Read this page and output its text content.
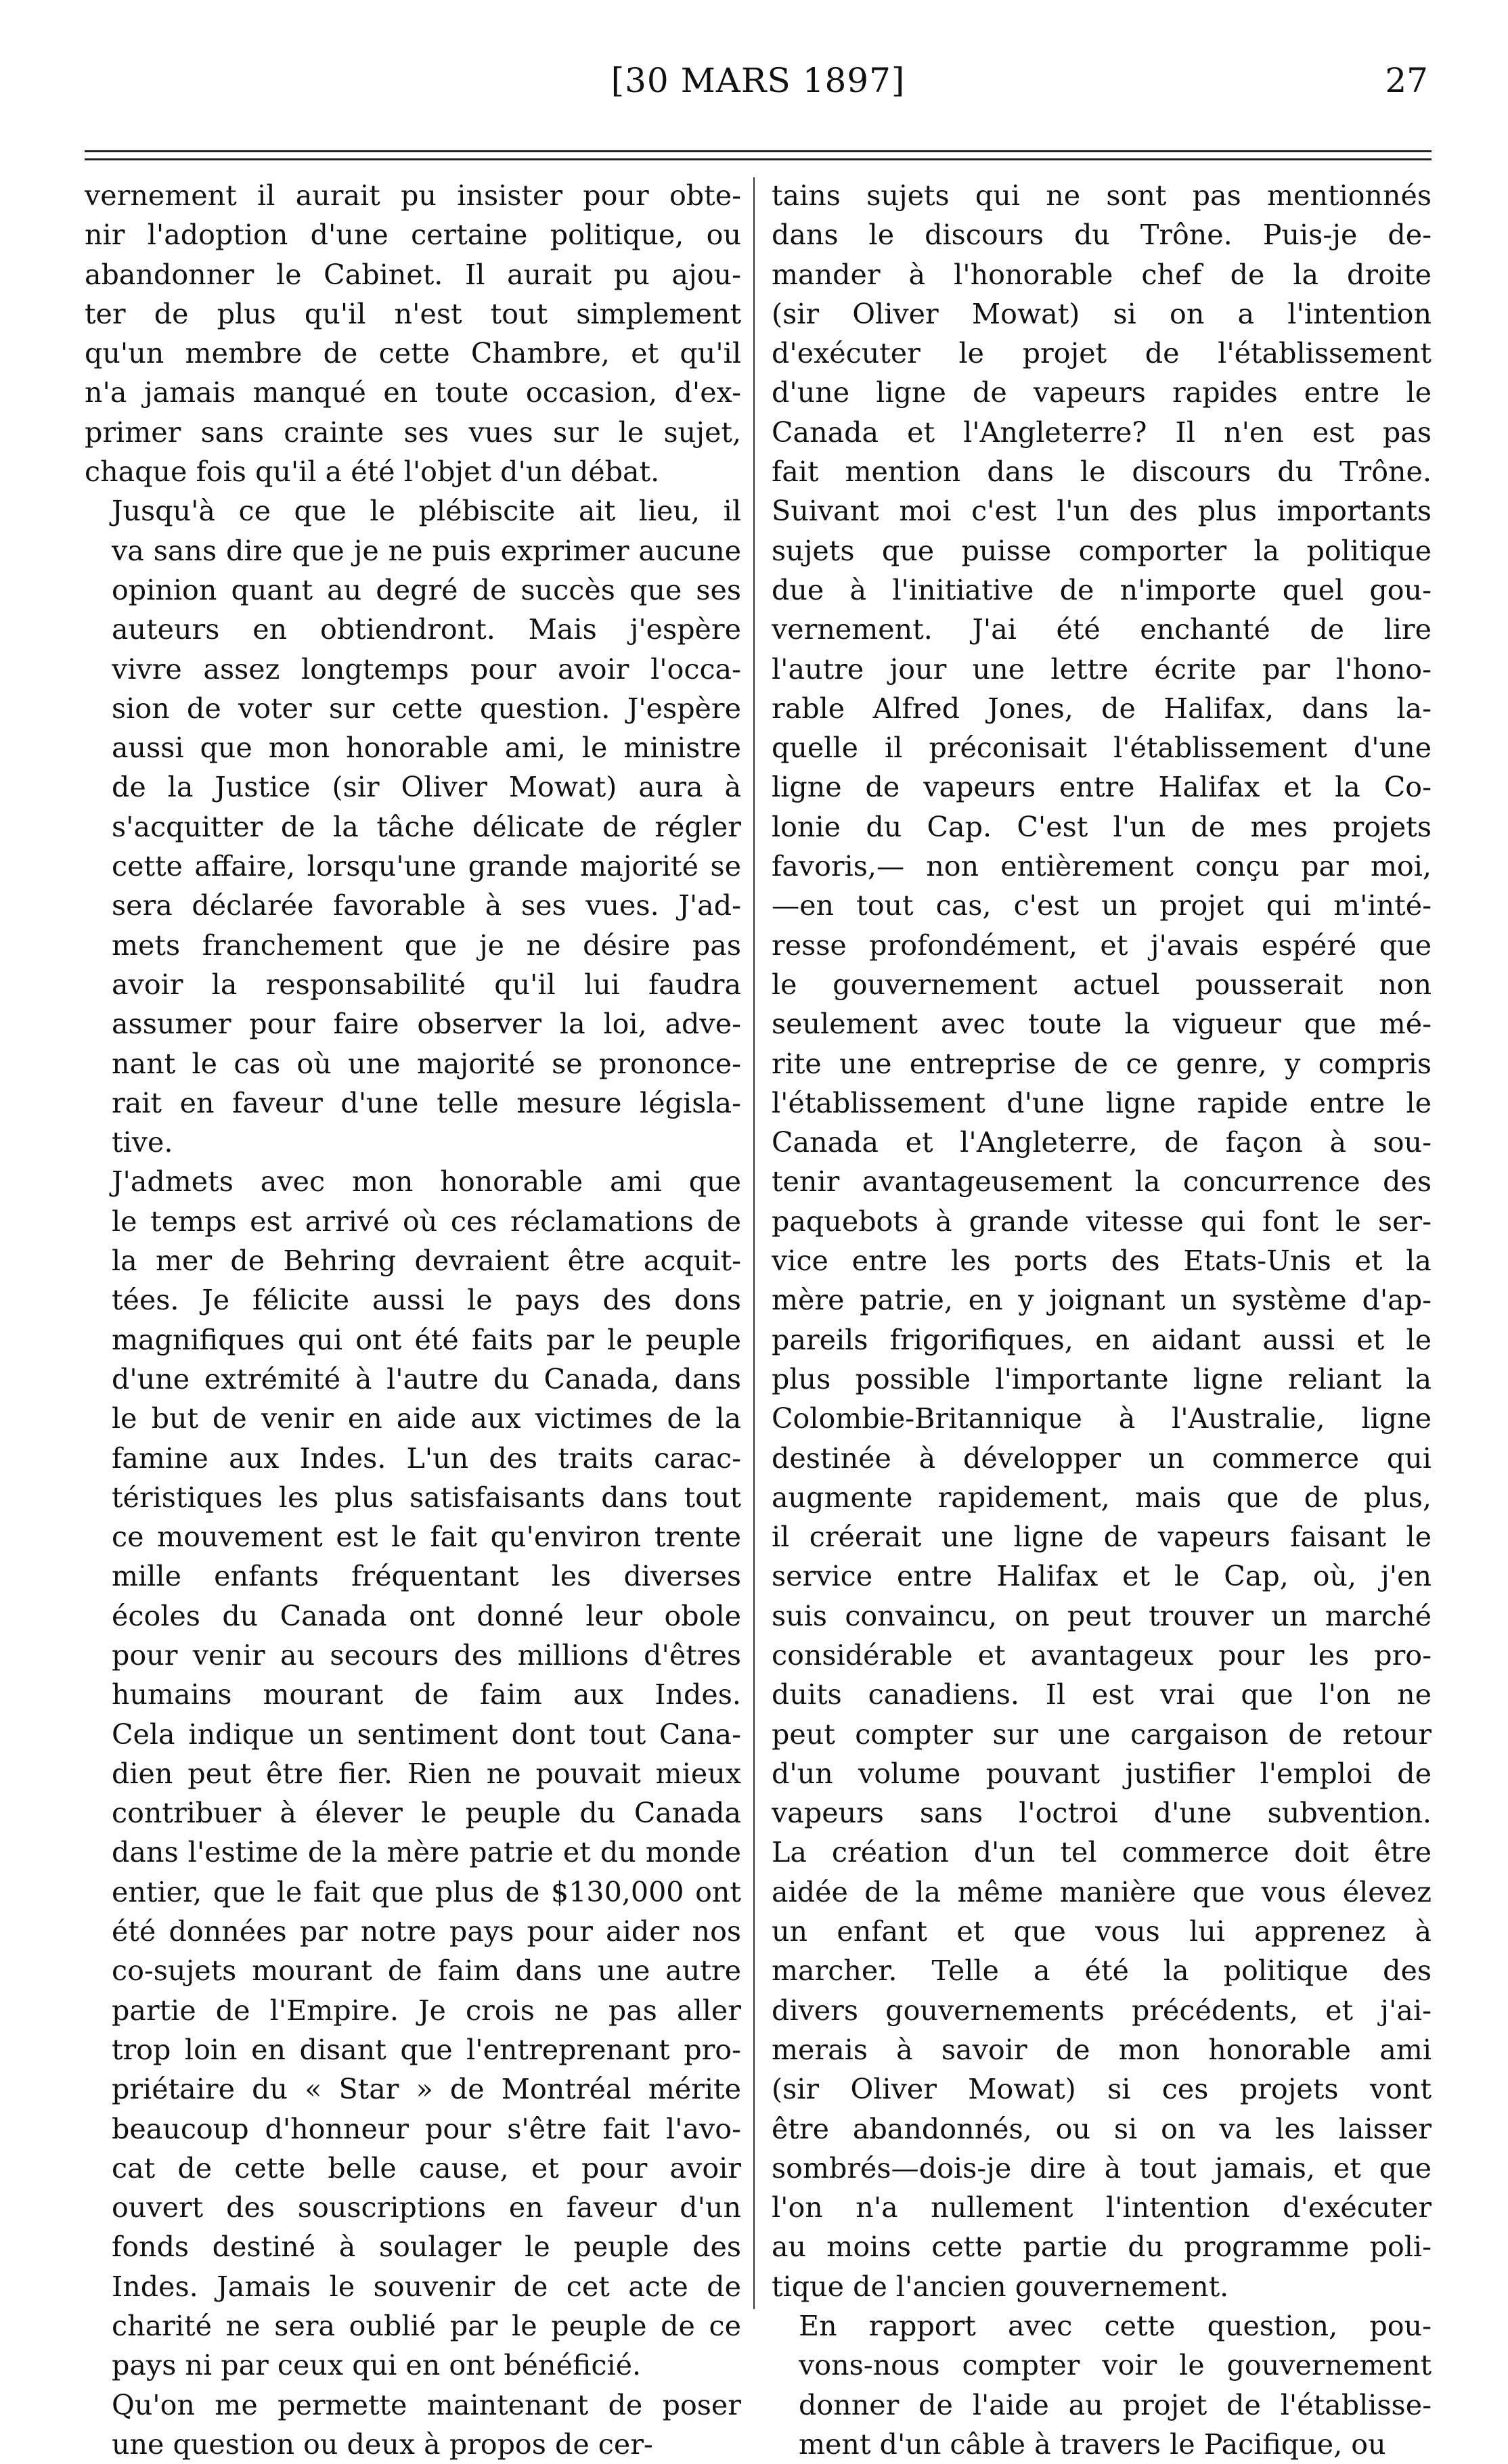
[30 MARS 1897]	27

vernement il aurait pu insister pour obte-
nir l'adoption d'une certaine politique, ou
abandonner le Cabinet. Il aurait pu ajou-
ter de plus qu'il n'est tout simplement
qu'un membre de cette Chambre, et qu'il
n'a jamais manqué en toute occasion, d'ex-
primer sans crainte ses vues sur le sujet,
chaque fois qu'il a été l'objet d'un débat.

Jusqu'à ce que le plébiscite ait lieu, il
va sans dire que je ne puis exprimer aucune
opinion quant au degré de succès que ses
auteurs en obtiendront. Mais j'espère
vivre assez longtemps pour avoir l'occa-
sion de voter sur cette question. J'espère
aussi que mon honorable ami, le ministre
de la Justice (sir Oliver Mowat) aura à
s'acquitter de la tâche délicate de régler
cette affaire, lorsqu'une grande majorité se
sera déclarée favorable à ses vues. J'ad-
mets franchement que je ne désire pas
avoir la responsabilité qu'il lui faudra
assumer pour faire observer la loi, adve-
nant le cas où une majorité se prononce-
rait en faveur d'une telle mesure législa-
tive.

J'admets avec mon honorable ami que
le temps est arrivé où ces réclamations de
la mer de Behring devraient être acquit-
tées. Je félicite aussi le pays des dons
magnifiques qui ont été faits par le peuple
d'une extrémité à l'autre du Canada, dans
le but de venir en aide aux victimes de la
famine aux Indes. L'un des traits carac-
téristiques les plus satisfaisants dans tout
ce mouvement est le fait qu'environ trente
mille enfants fréquentant les diverses
écoles du Canada ont donné leur obole
pour venir au secours des millions d'êtres
humains mourant de faim aux Indes.
Cela indique un sentiment dont tout Cana-
dien peut être fier. Rien ne pouvait mieux
contribuer à élever le peuple du Canada
dans l'estime de la mère patrie et du monde
entier, que le fait que plus de $130,000 ont
été données par notre pays pour aider nos
co-sujets mourant de faim dans une autre
partie de l'Empire. Je crois ne pas aller
trop loin en disant que l'entreprenant pro-
priétaire du « Star » de Montréal mérite
beaucoup d'honneur pour s'être fait l'avo-
cat de cette belle cause, et pour avoir
ouvert des souscriptions en faveur d'un
fonds destiné à soulager le peuple des
Indes. Jamais le souvenir de cet acte de
charité ne sera oublié par le peuple de ce
pays ni par ceux qui en ont bénéficié.

Qu'on me permette maintenant de poser
une question ou deux à propos de cer-

tains sujets qui ne sont pas mentionnés
dans le discours du Trône. Puis-je de-
mander à l'honorable chef de la droite
(sir Oliver Mowat) si on a l'intention
d'exécuter le projet de l'établissement
d'une ligne de vapeurs rapides entre le
Canada et l'Angleterre? Il n'en est pas
fait mention dans le discours du Trône.
Suivant moi c'est l'un des plus importants
sujets que puisse comporter la politique
due à l'initiative de n'importe quel gou-
vernement. J'ai été enchanté de lire
l'autre jour une lettre écrite par l'hono-
rable Alfred Jones, de Halifax, dans la-
quelle il préconisait l'établissement d'une
ligne de vapeurs entre Halifax et la Co-
lonie du Cap. C'est l'un de mes projets
favoris,— non entièrement conçu par moi,
—en tout cas, c'est un projet qui m'inté-
resse profondément, et j'avais espéré que
le gouvernement actuel pousserait non
seulement avec toute la vigueur que mé-
rite une entreprise de ce genre, y compris
l'établissement d'une ligne rapide entre le
Canada et l'Angleterre, de façon à sou-
tenir avantageusement la concurrence des
paquebots à grande vitesse qui font le ser-
vice entre les ports des Etats-Unis et la
mère patrie, en y joignant un système d'ap-
pareils frigorifiques, en aidant aussi et le
plus possible l'importante ligne reliant la
Colombie-Britannique à l'Australie, ligne
destinée à développer un commerce qui
augmente rapidement, mais que de plus,
il créerait une ligne de vapeurs faisant le
service entre Halifax et le Cap, où, j'en
suis convaincu, on peut trouver un marché
considérable et avantageux pour les pro-
duits canadiens. Il est vrai que l'on ne
peut compter sur une cargaison de retour
d'un volume pouvant justifier l'emploi de
vapeurs sans l'octroi d'une subvention.
La création d'un tel commerce doit être
aidée de la même manière que vous élevez
un enfant et que vous lui apprenez à
marcher. Telle a été la politique des
divers gouvernements précédents, et j'ai-
merais à savoir de mon honorable ami
(sir Oliver Mowat) si ces projets vont
être abandonnés, ou si on va les laisser
sombrés—dois-je dire à tout jamais, et que
l'on n'a nullement l'intention d'exécuter
au moins cette partie du programme poli-
tique de l'ancien gouvernement.

En rapport avec cette question, pou-
vons-nous compter voir le gouvernement
donner de l'aide au projet de l'établisse-
ment d'un câble à travers le Pacifique, ou
